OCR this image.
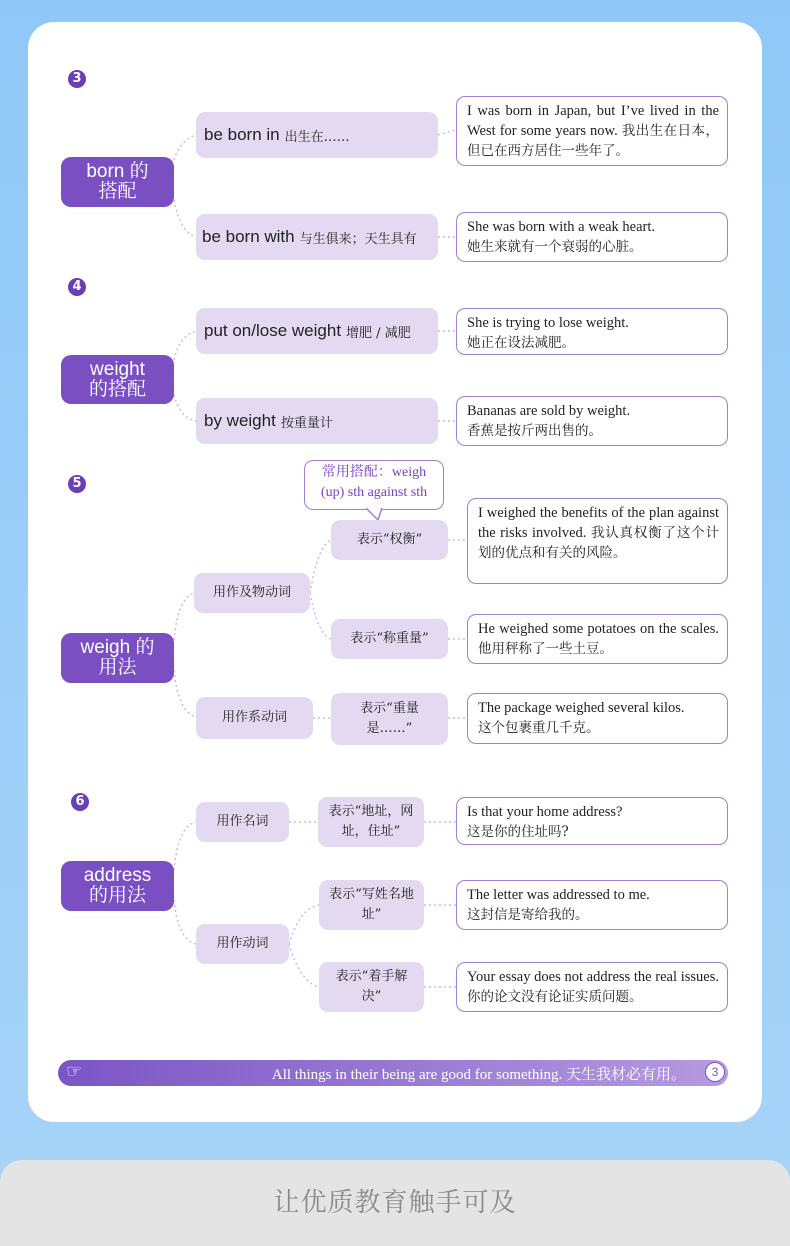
3
born 的
搭配
be born in 出生在……
I was born in Japan, but I’ve lived in the West for some years now. 我出生在日本，但已在西方居住一些年了。
be born with 与生俱来；天生具有
She was born with a weak heart.
她生来就有一个衰弱的心脏。
4
weight
的搭配
put on/lose weight 增肥 / 减肥
She is trying to lose weight.
她正在设法减肥。
by weight 按重量计
Bananas are sold by weight.
香蕉是按斤两出售的。
5
weigh 的
用法
常用搭配：weigh (up) sth against sth
用作及物动词
表示“权衡”
I weighed the benefits of the plan against the risks involved. 我认真权衡了这个计划的优点和有关的风险。
表示“称重量”
He weighed some potatoes on the scales. 他用秤称了一些土豆。
用作系动词
表示“重量是……”
The package weighed several kilos.
这个包裹重几千克。
6
address
的用法
用作名词
表示“地址，网址，住址”
Is that your home address?
这是你的住址吗?
用作动词
表示“写姓名地址”
The letter was addressed to me.
这封信是寄给我的。
表示“着手解决”
Your essay does not address the real issues. 你的论文没有论证实质问题。
☞	All things in their being are good for something. 天生我材必有用。	3
让优质教育触手可及
